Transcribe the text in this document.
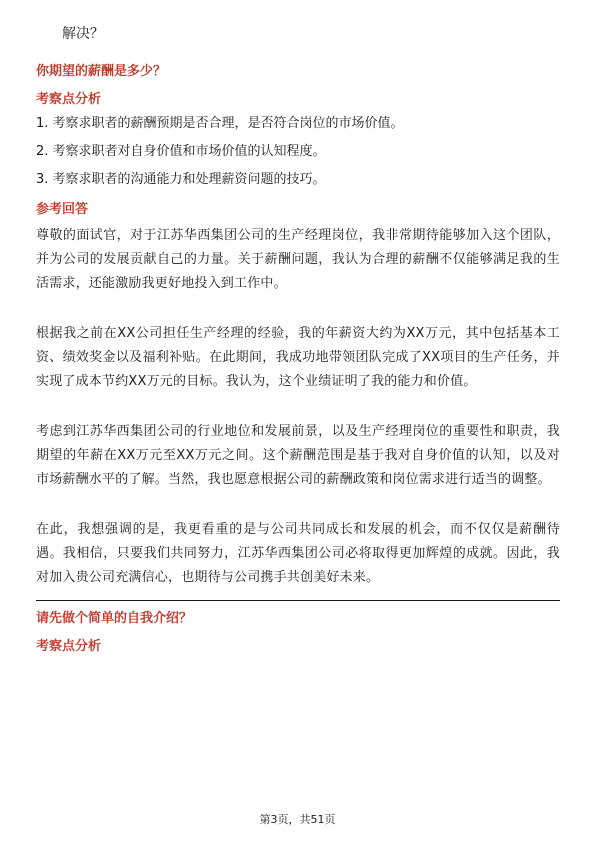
解决？
你期望的薪酬是多少？
考察点分析
1. 考察求职者的薪酬预期是否合理，是否符合岗位的市场价值。
2. 考察求职者对自身价值和市场价值的认知程度。
3. 考察求职者的沟通能力和处理薪资问题的技巧。
参考回答

尊敬的面试官，对于江苏华西集团公司的生产经理岗位，我非常期待能够加入这个团队，并为公司的发展贡献自己的力量。关于薪酬问题，我认为合理的薪酬不仅能够满足我的生活需求，还能激励我更好地投入到工作中。

根据我之前在XX公司担任生产经理的经验，我的年薪资大约为XX万元，其中包括基本工资、绩效奖金以及福利补贴。在此期间，我成功地带领团队完成了XX项目的生产任务，并实现了成本节约XX万元的目标。我认为，这个业绩证明了我的能力和价值。

考虑到江苏华西集团公司的行业地位和发展前景，以及生产经理岗位的重要性和职责，我期望的年薪在XX万元至XX万元之间。这个薪酬范围是基于我对自身价值的认知，以及对市场薪酬水平的了解。当然，我也愿意根据公司的薪酬政策和岗位需求进行适当的调整。

在此，我想强调的是，我更看重的是与公司共同成长和发展的机会，而不仅仅是薪酬待遇。我相信，只要我们共同努力，江苏华西集团公司必将取得更加辉煌的成就。因此，我对加入贵公司充满信心，也期待与公司携手共创美好未来。

请先做个简单的自我介绍？
考察点分析
第3页，共51页
